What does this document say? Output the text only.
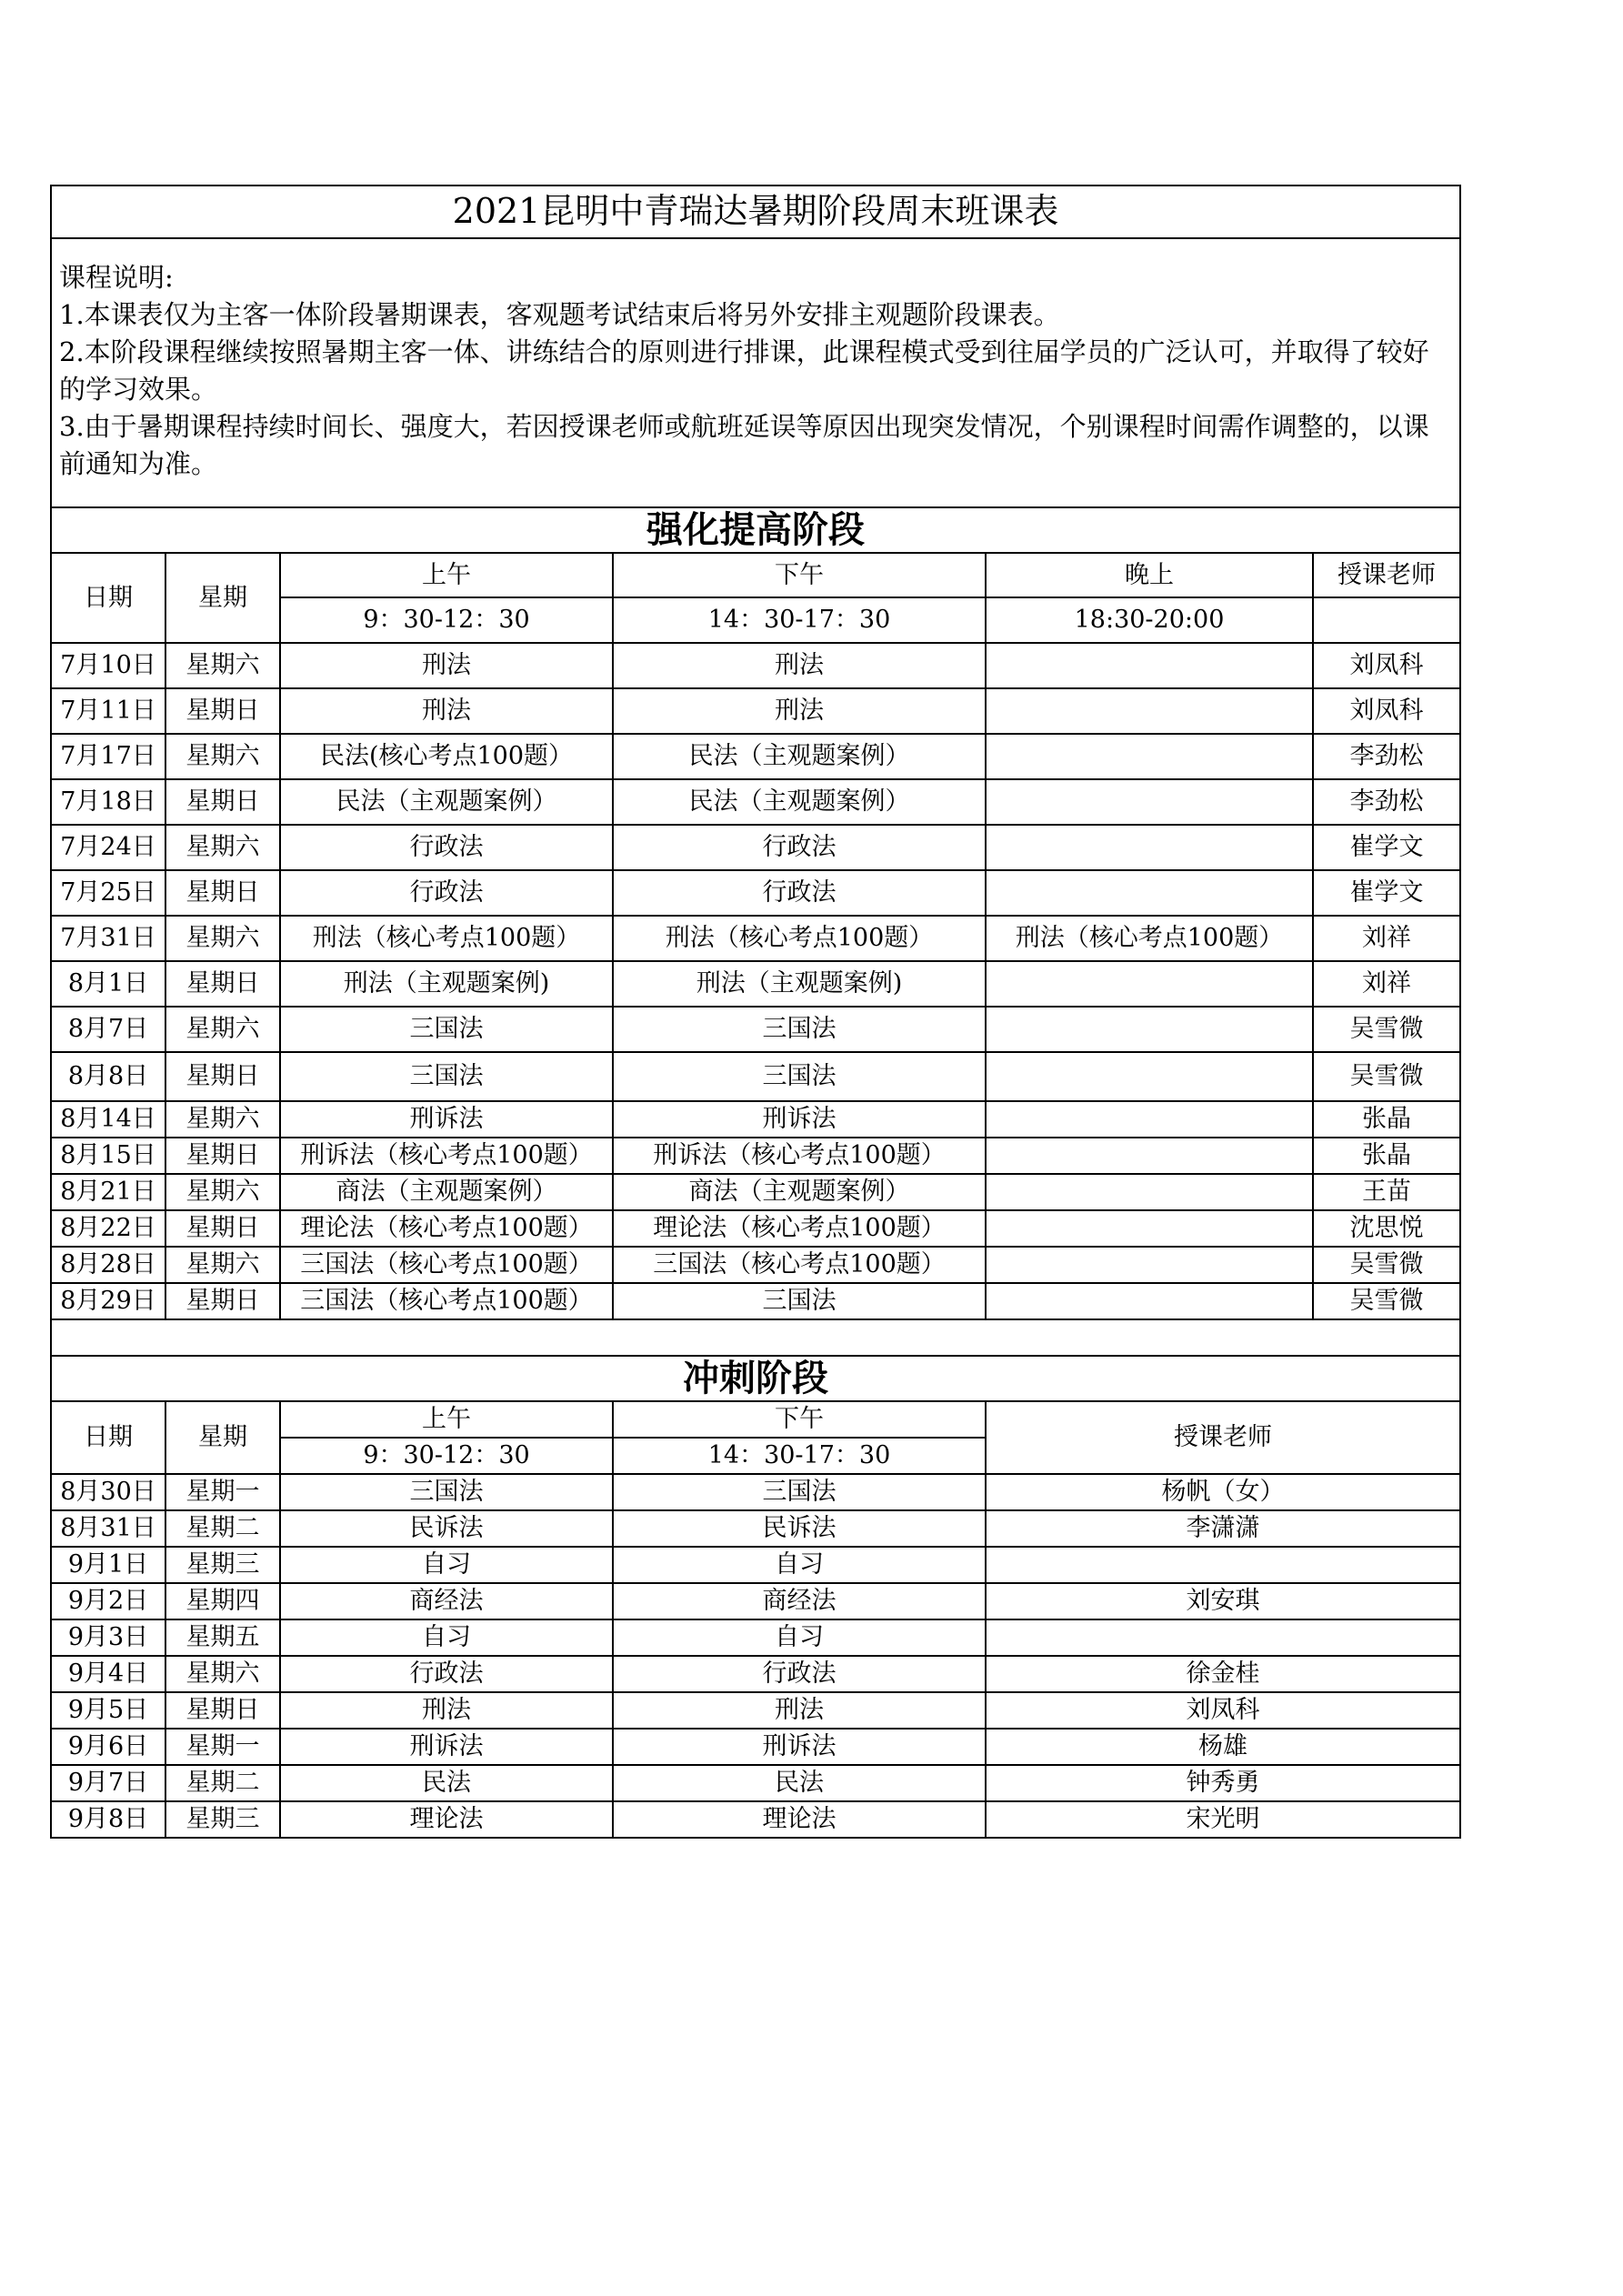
2021昆明中青瑞达暑期阶段周末班课表					

课程说明:
1.本课表仅为主客一体阶段暑期课表，客观题考试结束后将另外安排主观题阶段课表。
2.本阶段课程继续按照暑期主客一体、讲练结合的原则进行排课，此课程模式受到往届学员的广泛认可，并取得了较好的学习效果。
3.由于暑期课程持续时间长、强度大，若因授课老师或航班延误等原因出现突发情况，个别课程时间需作调整的，以课前通知为准。					

强化提高阶段					
日期	星期	上午	下午	晚上	授课老师
		9：30-12：30	14：30-17：30	18:30-20:00	
7月10日	星期六	刑法	刑法		刘凤科
7月11日	星期日	刑法	刑法		刘凤科
7月17日	星期六	民法(核心考点100题）	民法（主观题案例）		李劲松
7月18日	星期日	民法（主观题案例）	民法（主观题案例）		李劲松
7月24日	星期六	行政法	行政法		崔学文
7月25日	星期日	行政法	行政法		崔学文
7月31日	星期六	刑法（核心考点100题）	刑法（核心考点100题）	刑法（核心考点100题）	刘祥
8月1日	星期日	刑法（主观题案例)	刑法（主观题案例)		刘祥
8月7日	星期六	三国法	三国法		吴雪微
8月8日	星期日	三国法	三国法		吴雪微
8月14日	星期六	刑诉法	刑诉法		张晶
8月15日	星期日	刑诉法（核心考点100题）	刑诉法（核心考点100题）		张晶
8月21日	星期六	商法（主观题案例）	商法（主观题案例）		王苗
8月22日	星期日	理论法（核心考点100题）	理论法（核心考点100题）		沈思悦
8月28日	星期六	三国法（核心考点100题）	三国法（核心考点100题）		吴雪微
8月29日	星期日	三国法（核心考点100题）	三国法		吴雪微

冲刺阶段					
日期	星期	上午	下午	授课老师	
		9：30-12：30	14：30-17：30		
8月30日	星期一	三国法	三国法	杨帆（女）	
8月31日	星期二	民诉法	民诉法	李潇潇	
9月1日	星期三	自习	自习		
9月2日	星期四	商经法	商经法	刘安琪	
9月3日	星期五	自习	自习		
9月4日	星期六	行政法	行政法	徐金桂	
9月5日	星期日	刑法	刑法	刘凤科	
9月6日	星期一	刑诉法	刑诉法	杨雄	
9月7日	星期二	民法	民法	钟秀勇	
9月8日	星期三	理论法	理论法	宋光明	
